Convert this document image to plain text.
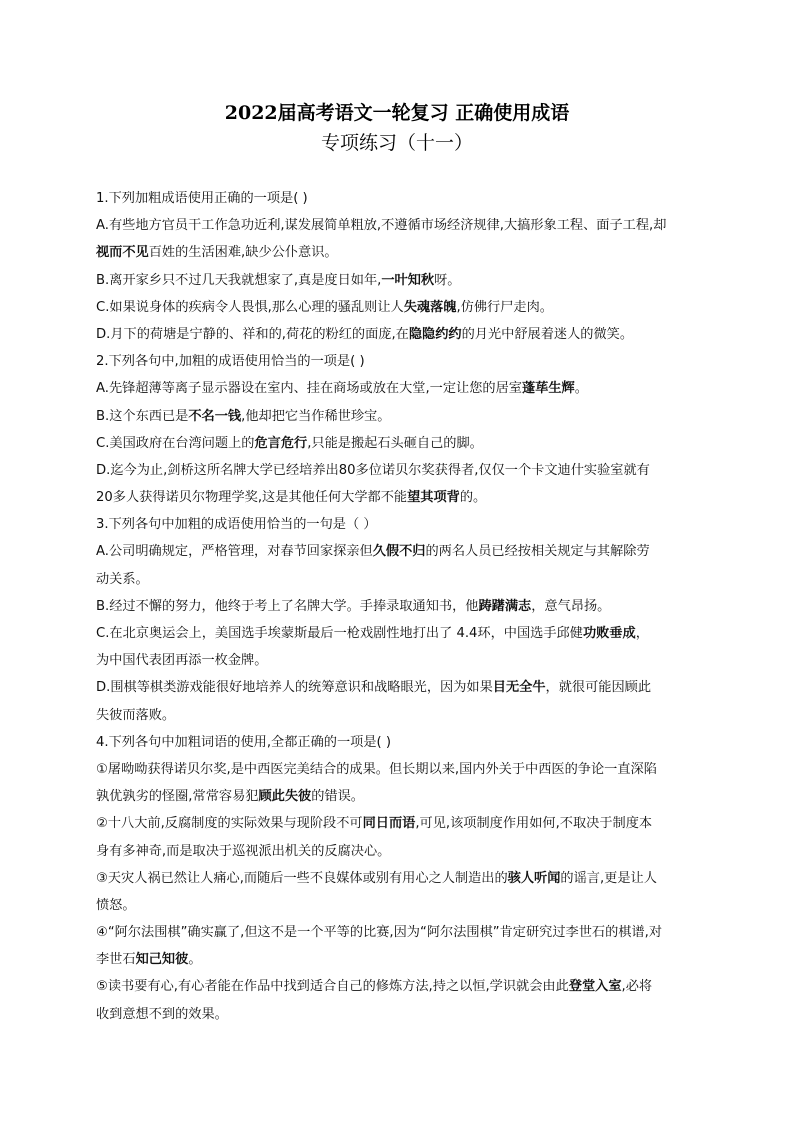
2022届高考语文一轮复习 正确使用成语
专项练习（十一）
1.下列加粗成语使用正确的一项是( )
A.有些地方官员干工作急功近利,谋发展简单粗放,不遵循市场经济规律,大搞形象工程、面子工程,却
视而不见百姓的生活困难,缺少公仆意识。
B.离开家乡只不过几天我就想家了,真是度日如年,一叶知秋呀。
C.如果说身体的疾病令人畏惧,那么心理的骚乱则让人失魂落魄,仿佛行尸走肉。
D.月下的荷塘是宁静的、祥和的,荷花的粉红的面庞,在隐隐约约的月光中舒展着迷人的微笑。
2.下列各句中,加粗的成语使用恰当的一项是( )
A.先锋超薄等离子显示器设在室内、挂在商场或放在大堂,一定让您的居室蓬荜生辉。
B.这个东西已是不名一钱,他却把它当作稀世珍宝。
C.美国政府在台湾问题上的危言危行,只能是搬起石头砸自己的脚。
D.迄今为止,剑桥这所名牌大学已经培养出80多位诺贝尔奖获得者,仅仅一个卡文迪什实验室就有
20多人获得诺贝尔物理学奖,这是其他任何大学都不能望其项背的。
3.下列各句中加粗的成语使用恰当的一句是（ ）
A.公司明确规定，严格管理，对春节回家探亲但久假不归的两名人员已经按相关规定与其解除劳
动关系。
B.经过不懈的努力，他终于考上了名牌大学。手捧录取通知书，他踌躇满志，意气昂扬。
C.在北京奥运会上，美国选手埃蒙斯最后一枪戏剧性地打出了 4.4环，中国选手邱健功败垂成，
为中国代表团再添一枚金牌。
D.围棋等棋类游戏能很好地培养人的统筹意识和战略眼光，因为如果目无全牛，就很可能因顾此
失彼而落败。
4.下列各句中加粗词语的使用,全都正确的一项是( )
①屠呦呦获得诺贝尔奖,是中西医完美结合的成果。但长期以来,国内外关于中西医的争论一直深陷
孰优孰劣的怪圈,常常容易犯顾此失彼的错误。
②十八大前,反腐制度的实际效果与现阶段不可同日而语,可见,该项制度作用如何,不取决于制度本
身有多神奇,而是取决于巡视派出机关的反腐决心。
③天灾人祸已然让人痛心,而随后一些不良媒体或别有用心之人制造出的骇人听闻的谣言,更是让人
愤怒。
④“阿尔法围棋”确实赢了,但这不是一个平等的比赛,因为“阿尔法围棋”肯定研究过李世石的棋谱,对
李世石知己知彼。
⑤读书要有心,有心者能在作品中找到适合自己的修炼方法,持之以恒,学识就会由此登堂入室,必将
收到意想不到的效果。
